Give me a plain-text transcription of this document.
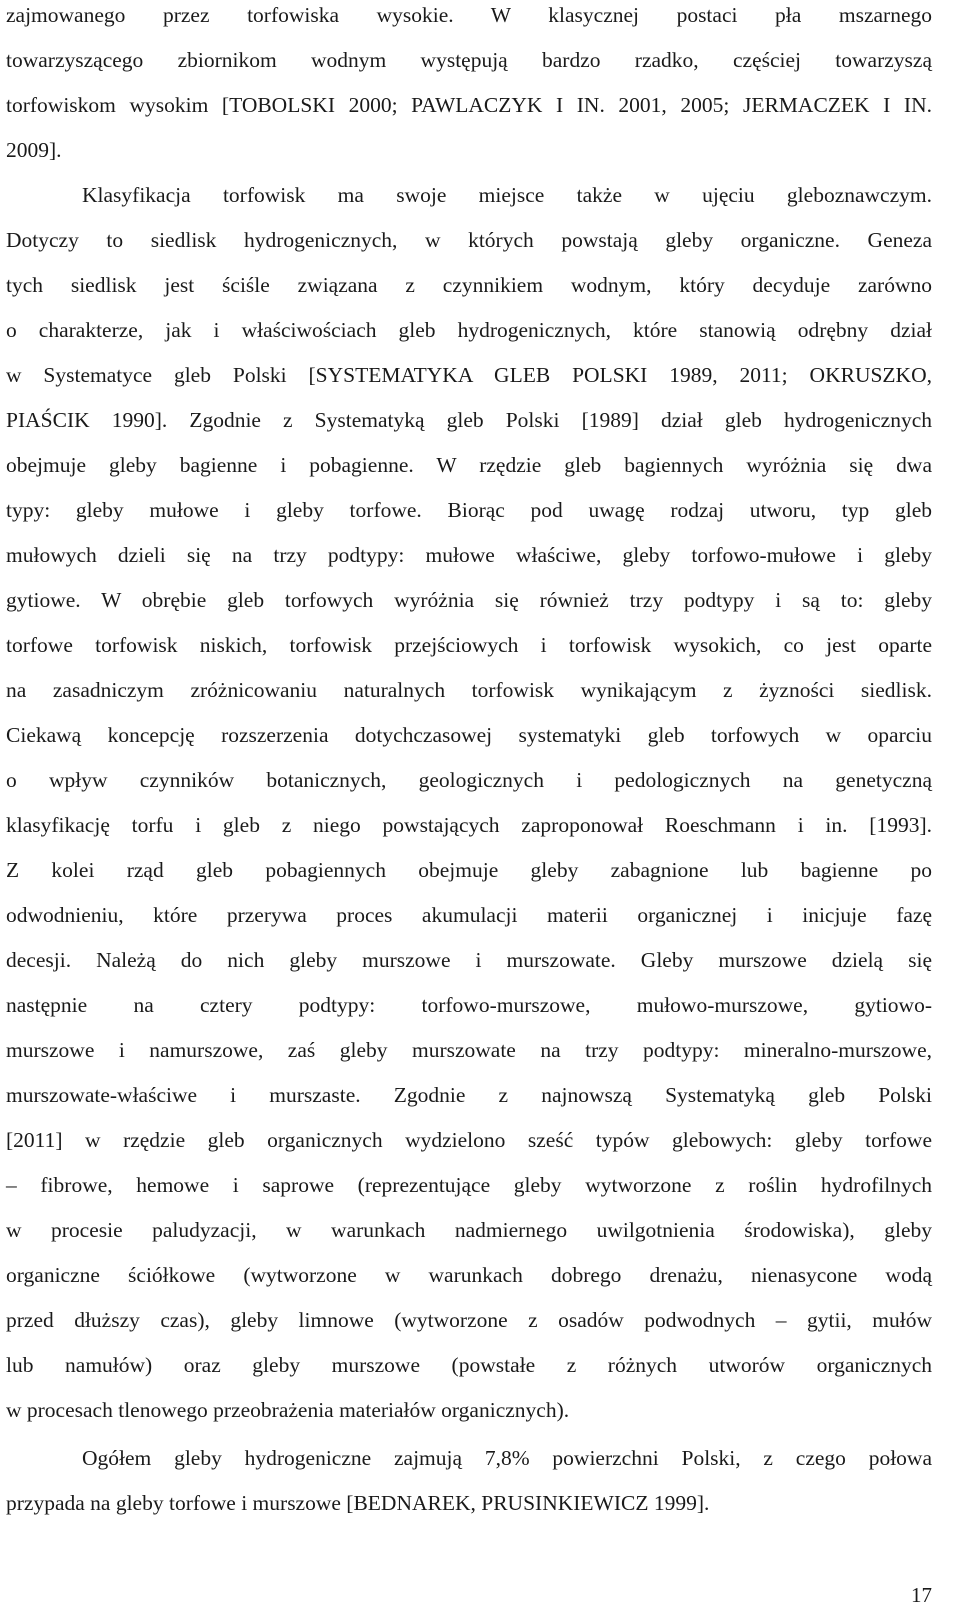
zajmowanego przez torfowiska wysokie. W klasycznej postaci pła mszarnego
towarzyszącego zbiornikom wodnym występują bardzo rzadko, częściej towarzyszą
torfowiskom wysokim [TOBOLSKI 2000; PAWLACZYK I IN. 2001, 2005; JERMACZEK I IN.
2009].
Klasyfikacja torfowisk ma swoje miejsce także w ujęciu gleboznawczym.
Dotyczy to siedlisk hydrogenicznych, w których powstają gleby organiczne. Geneza
tych siedlisk jest ściśle związana z czynnikiem wodnym, który decyduje zarówno
o charakterze, jak i właściwościach gleb hydrogenicznych, które stanowią odrębny dział
w Systematyce gleb Polski [SYSTEMATYKA GLEB POLSKI 1989, 2011; OKRUSZKO,
PIAŚCIK 1990]. Zgodnie z Systematyką gleb Polski [1989] dział gleb hydrogenicznych
obejmuje gleby bagienne i pobagienne. W rzędzie gleb bagiennych wyróżnia się dwa
typy: gleby mułowe i gleby torfowe. Biorąc pod uwagę rodzaj utworu, typ gleb
mułowych dzieli się na trzy podtypy: mułowe właściwe, gleby torfowo-mułowe i gleby
gytiowe. W obrębie gleb torfowych wyróżnia się również trzy podtypy i są to: gleby
torfowe torfowisk niskich, torfowisk przejściowych i torfowisk wysokich, co jest oparte
na zasadniczym zróżnicowaniu naturalnych torfowisk wynikającym z żyzności siedlisk.
Ciekawą koncepcję rozszerzenia dotychczasowej systematyki gleb torfowych w oparciu
o wpływ czynników botanicznych, geologicznych i pedologicznych na genetyczną
klasyfikację torfu i gleb z niego powstających zaproponował Roeschmann i in. [1993].
Z kolei rząd gleb pobagiennych obejmuje gleby zabagnione lub bagienne po
odwodnieniu, które przerywa proces akumulacji materii organicznej i inicjuje fazę
decesji. Należą do nich gleby murszowe i murszowate. Gleby murszowe dzielą się
następnie na cztery podtypy: torfowo-murszowe, mułowo-murszowe, gytiowo-
murszowe i namurszowe, zaś gleby murszowate na trzy podtypy: mineralno-murszowe,
murszowate-właściwe i murszaste. Zgodnie z najnowszą Systematyką gleb Polski
[2011] w rzędzie gleb organicznych wydzielono sześć typów glebowych: gleby torfowe
– fibrowe, hemowe i saprowe (reprezentujące gleby wytworzone z roślin hydrofilnych
w procesie paludyzacji, w warunkach nadmiernego uwilgotnienia środowiska), gleby
organiczne ściółkowe (wytworzone w warunkach dobrego drenażu, nienasycone wodą
przed dłuższy czas), gleby limnowe (wytworzone z osadów podwodnych – gytii, mułów
lub namułów) oraz gleby murszowe (powstałe z różnych utworów organicznych
w procesach tlenowego przeobrażenia materiałów organicznych).
Ogółem gleby hydrogeniczne zajmują 7,8% powierzchni Polski, z czego połowa
przypada na gleby torfowe i murszowe [BEDNAREK, PRUSINKIEWICZ 1999].
17
